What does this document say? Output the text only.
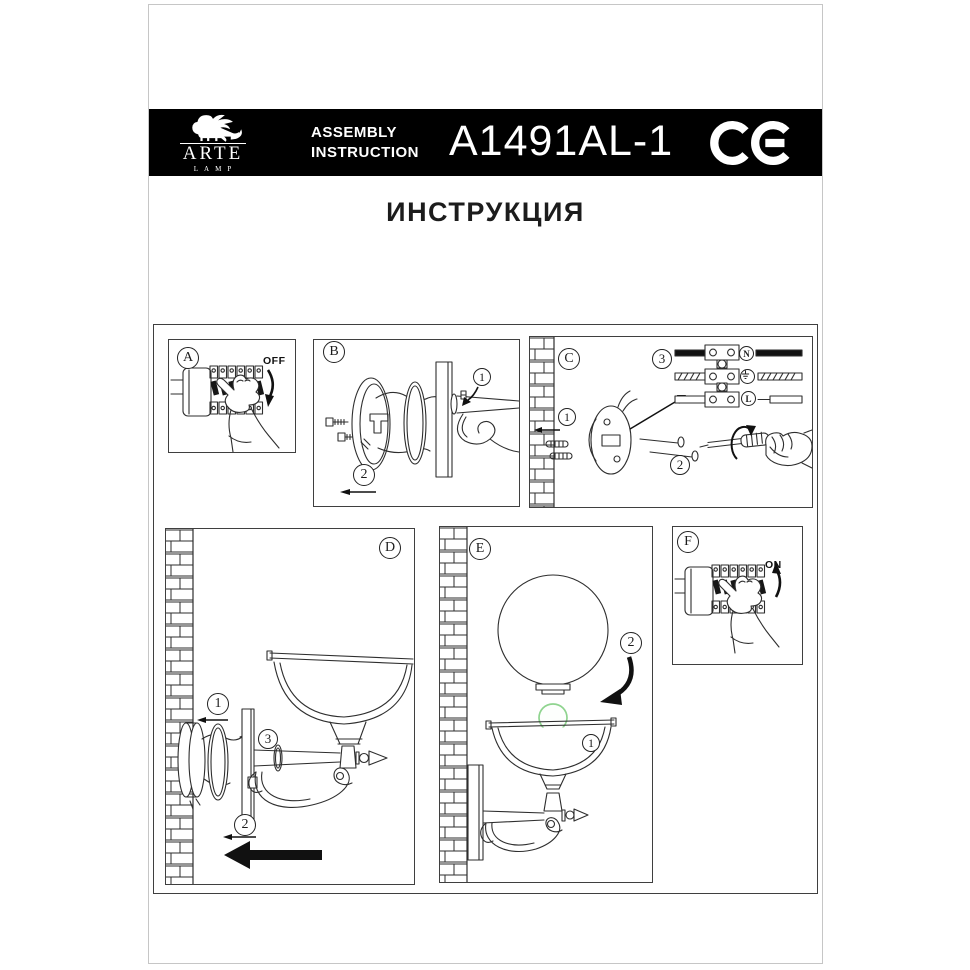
ARTE
LAMP
ASSEMBLY
INSTRUCTION A1491AL-1
ИНСТРУКЦИЯ
A	OFF
B
1
2
C	3
1
2
N
L
D
1
3
2
E
2
1
F
ON
